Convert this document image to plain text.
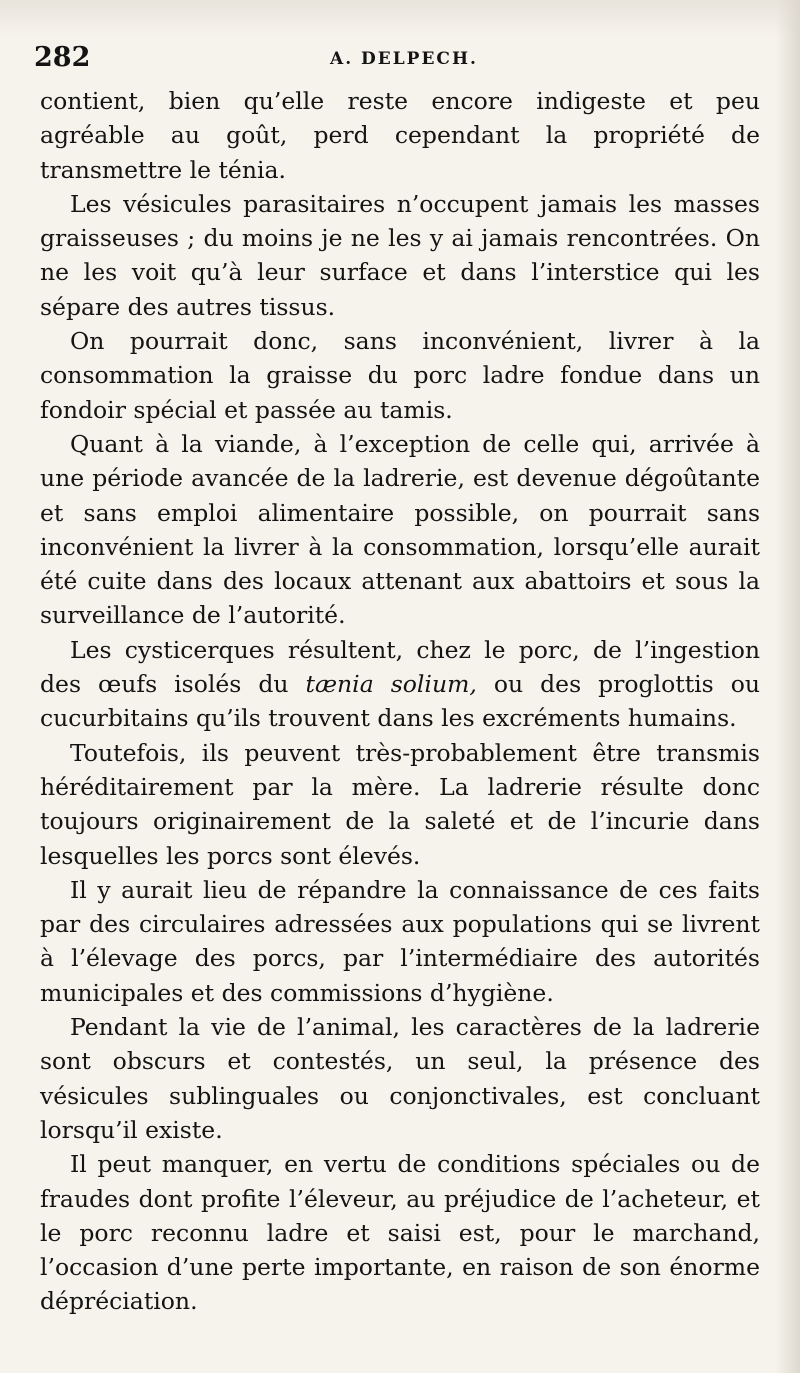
282	A. DELPECH.

contient, bien qu’elle reste encore indigeste et peu agréable au goût, perd cependant la propriété de transmettre le ténia.

Les vésicules parasitaires n’occupent jamais les masses graisseuses ; du moins je ne les y ai jamais rencontrées. On ne les voit qu’à leur surface et dans l’interstice qui les sépare des autres tissus.

On pourrait donc, sans inconvénient, livrer à la consommation la graisse du porc ladre fondue dans un fondoir spécial et passée au tamis.

Quant à la viande, à l’exception de celle qui, arrivée à une période avancée de la ladrerie, est devenue dégoûtante et sans emploi alimentaire possible, on pourrait sans inconvénient la livrer à la consommation, lorsqu’elle aurait été cuite dans des locaux attenant aux abattoirs et sous la surveillance de l’autorité.

Les cysticerques résultent, chez le porc, de l’ingestion des œufs isolés du tænia solium, ou des proglottis ou cucurbitains qu’ils trouvent dans les excréments humains.

Toutefois, ils peuvent très-probablement être transmis héréditairement par la mère. La ladrerie résulte donc toujours originairement de la saleté et de l’incurie dans lesquelles les porcs sont élevés.

Il y aurait lieu de répandre la connaissance de ces faits par des circulaires adressées aux populations qui se livrent à l’élevage des porcs, par l’intermédiaire des autorités municipales et des commissions d’hygiène.

Pendant la vie de l’animal, les caractères de la ladrerie sont obscurs et contestés, un seul, la présence des vésicules sublinguales ou conjonctivales, est concluant lorsqu’il existe.

Il peut manquer, en vertu de conditions spéciales ou de fraudes dont profite l’éleveur, au préjudice de l’acheteur, et le porc reconnu ladre et saisi est, pour le marchand, l’occasion d’une perte importante, en raison de son énorme dépréciation.
